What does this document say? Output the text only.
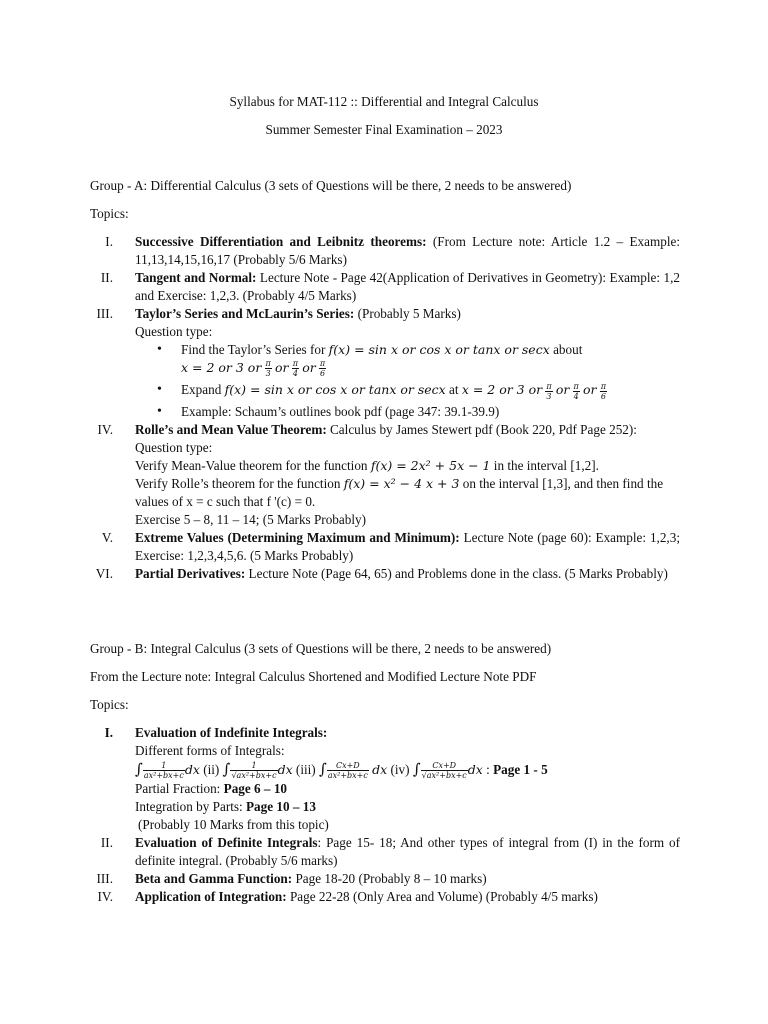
Syllabus for MAT-112 :: Differential and Integral Calculus
Summer Semester Final Examination – 2023
Group - A: Differential Calculus (3 sets of Questions will be there, 2 needs to be answered)
Topics:
I. Successive Differentiation and Leibnitz theorems: (From Lecture note: Article 1.2 – Example: 11,13,14,15,16,17 (Probably 5/6 Marks)
II. Tangent and Normal: Lecture Note - Page 42(Application of Derivatives in Geometry): Example: 1,2 and Exercise: 1,2,3. (Probably 4/5 Marks)
III. Taylor’s Series and McLaurin’s Series: (Probably 5 Marks)
Question type:
• Find the Taylor’s Series for f(x) = sin x or cos x or tanx or secx about
x = 2 or 3 or $\frac{\pi}{3}$ or $\frac{\pi}{4}$ or $\frac{\pi}{6}$
• Expand f(x) = sin x or cos x or tanx or secx at x = 2 or 3 or $\frac{\pi}{3}$ or $\frac{\pi}{4}$ or $\frac{\pi}{6}$
• Example: Schaum’s outlines book pdf (page 347: 39.1-39.9)
IV. Rolle’s and Mean Value Theorem: Calculus by James Stewert pdf (Book 220, Pdf Page 252):
Question type:
Verify Mean-Value theorem for the function f(x) = 2x² + 5x − 1 in the interval [1,2].
Verify Rolle’s theorem for the function f(x) = x² − 4 x + 3 on the interval [1,3], and then find the values of x = c such that f '(c) = 0.
Exercise 5 – 8, 11 – 14; (5 Marks Probably)
V. Extreme Values (Determining Maximum and Minimum): Lecture Note (page 60): Example: 1,2,3; Exercise: 1,2,3,4,5,6. (5 Marks Probably)
VI. Partial Derivatives: Lecture Note (Page 64, 65) and Problems done in the class. (5 Marks Probably)
Group - B: Integral Calculus (3 sets of Questions will be there, 2 needs to be answered)
From the Lecture note: Integral Calculus Shortened and Modified Lecture Note PDF
Topics:
I. Evaluation of Indefinite Integrals:
Different forms of Integrals:
∫ $\frac{1}{\text{ax²+bx+c}}$ dx (ii) ∫ $\frac{1}{\text{√ax²+bx+c}}$ dx (iii) ∫ $\frac{Cx+D}{\text{ax²+bx+c}}$ dx (iv) ∫ $\frac{Cx+D}{\text{√ax²+bx+c}}$ dx : Page 1 - 5
Partial Fraction: Page 6 – 10
Integration by Parts: Page 10 – 13
(Probably 10 Marks from this topic)
II. Evaluation of Definite Integrals: Page 15- 18; And other types of integral from (I) in the form of definite integral. (Probably 5/6 marks)
III. Beta and Gamma Function: Page 18-20 (Probably 8 – 10 marks)
IV. Application of Integration: Page 22-28 (Only Area and Volume) (Probably 4/5 marks)
